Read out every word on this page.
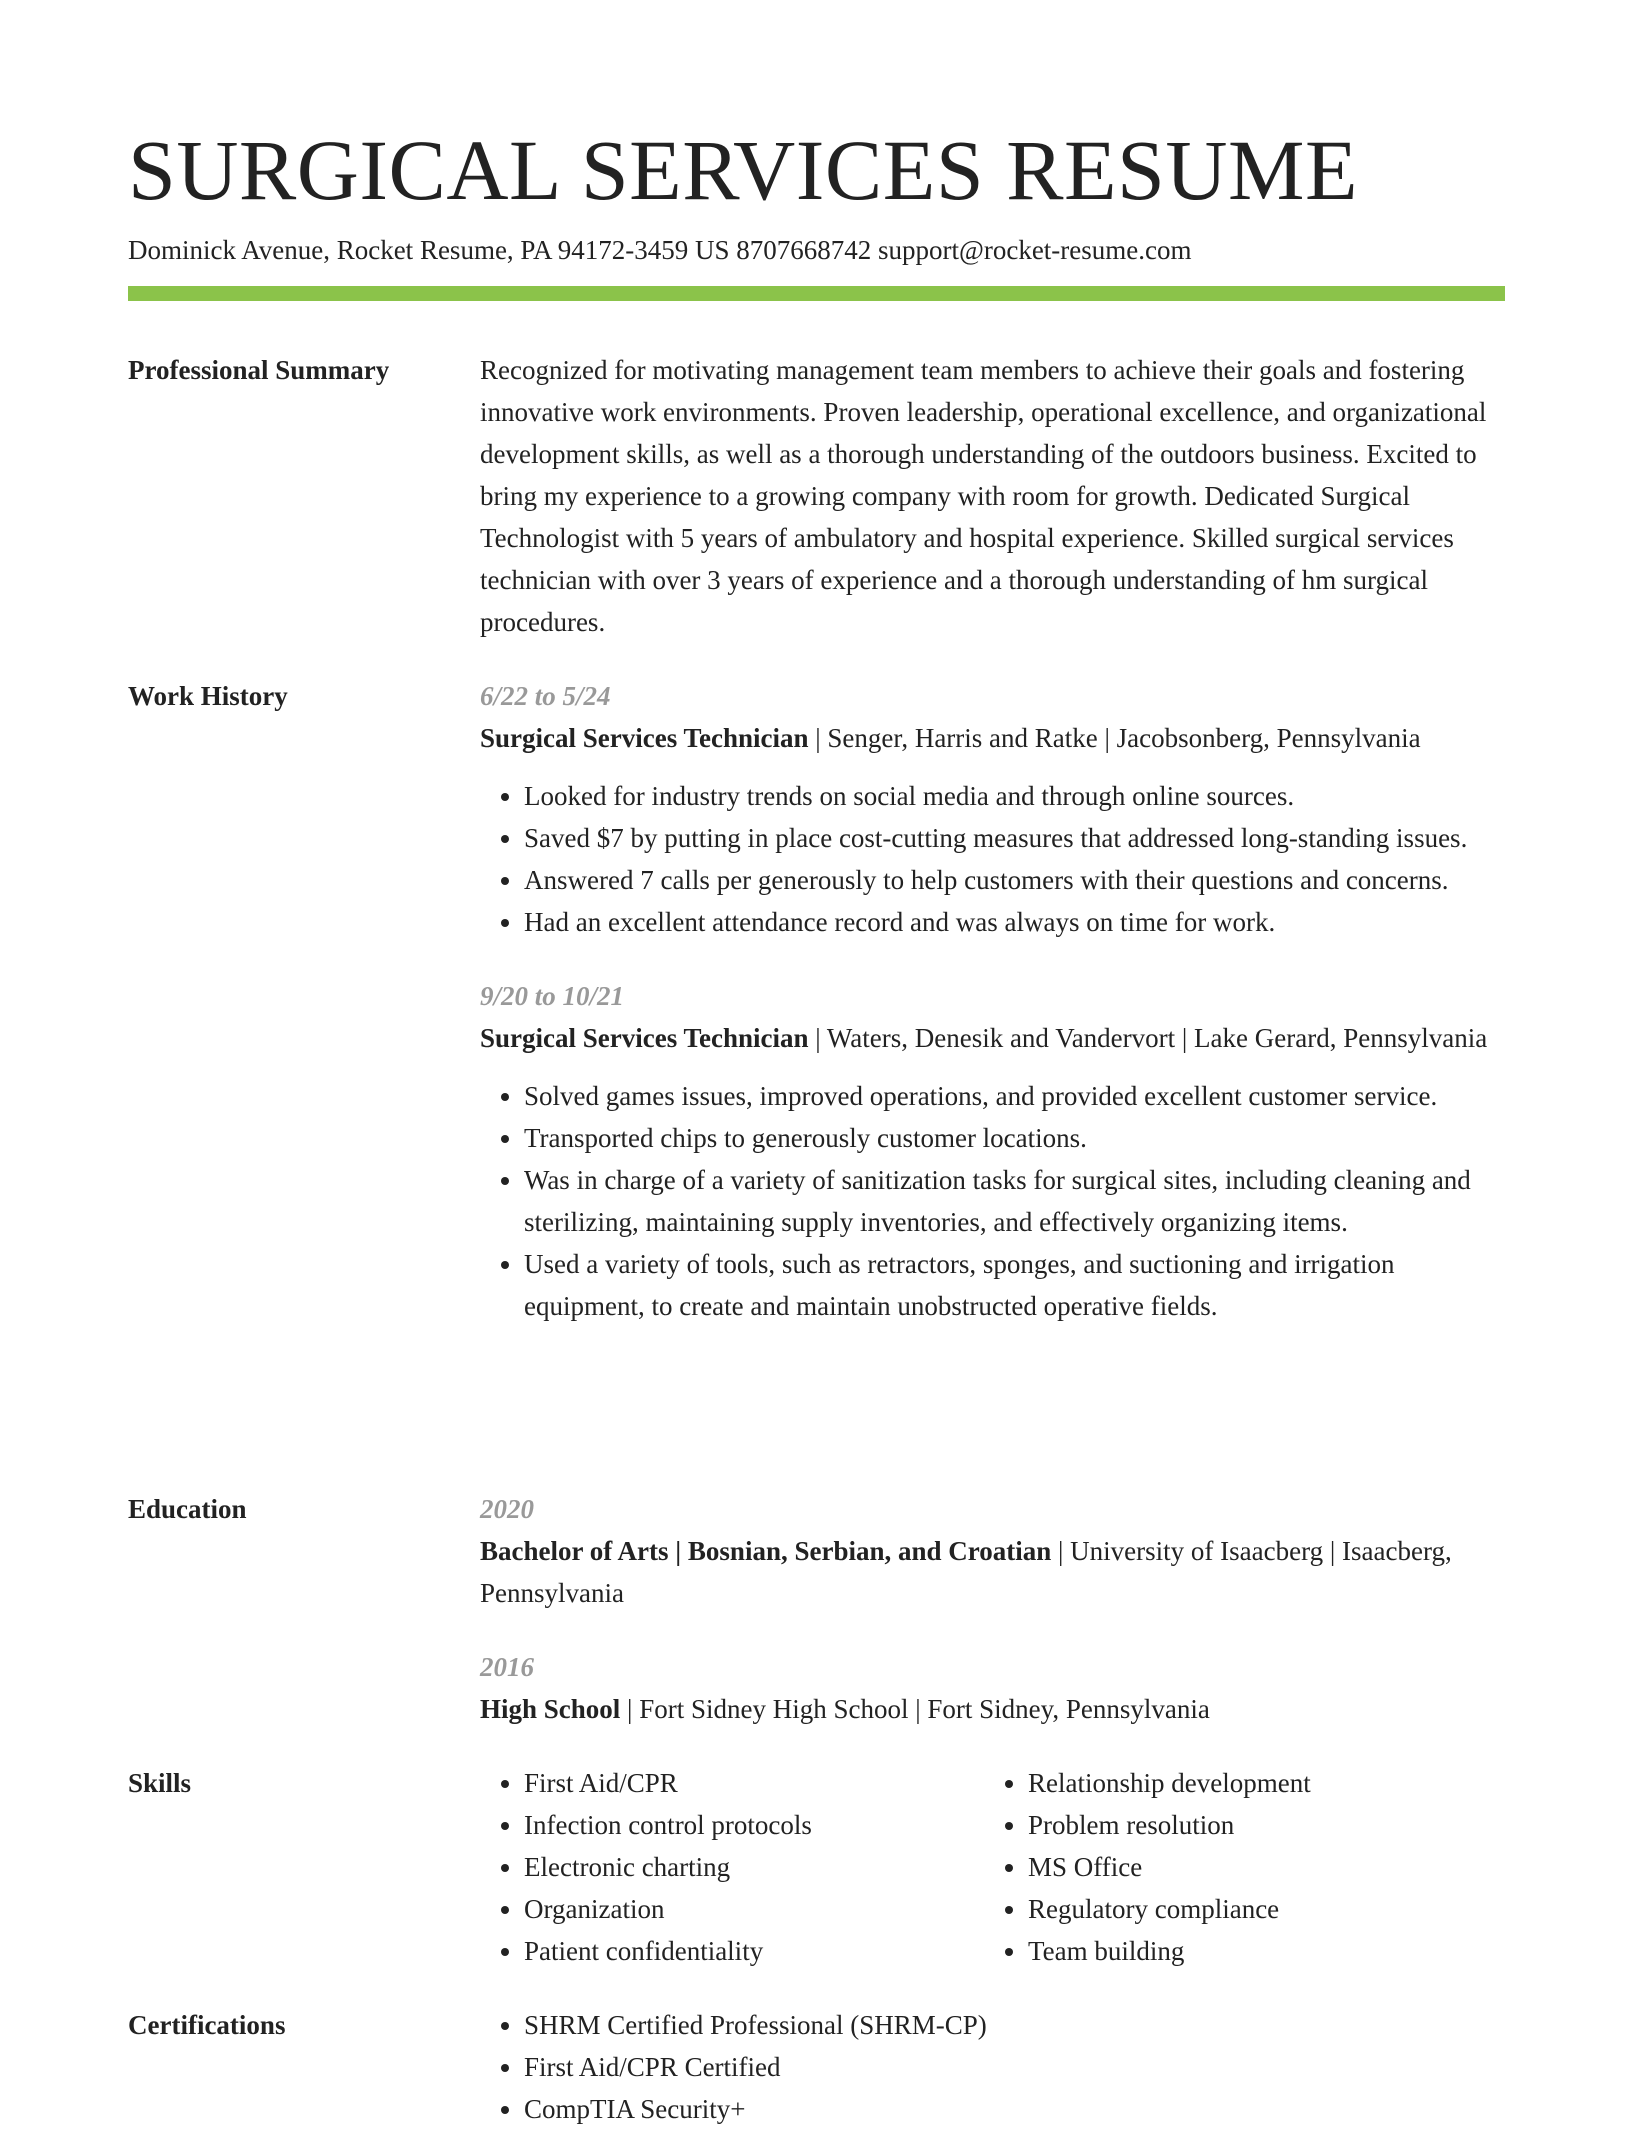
SURGICAL SERVICES RESUME
Dominick Avenue, Rocket Resume, PA 94172-3459 US 8707668742 support@rocket-resume.com
Professional Summary	Recognized for motivating management team members to achieve their goals and fostering innovative work environments. Proven leadership, operational excellence, and organizational development skills, as well as a thorough understanding of the outdoors business. Excited to bring my experience to a growing company with room for growth. Dedicated Surgical Technologist with 5 years of ambulatory and hospital experience. Skilled surgical services technician with over 3 years of experience and a thorough understanding of hm surgical procedures.

Work History	6/22 to 5/24

Surgical Services Technician | Senger, Harris and Ratke | Jacobsonberg, Pennsylvania

• Looked for industry trends on social media and through online sources.
• Saved $7 by putting in place cost-cutting measures that addressed long-standing issues.
• Answered 7 calls per generously to help customers with their questions and concerns.
• Had an excellent attendance record and was always on time for work.
9/20 to 10/21

Surgical Services Technician | Waters, Denesik and Vandervort | Lake Gerard, Pennsylvania

• Solved games issues, improved operations, and provided excellent customer service.
• Transported chips to generously customer locations.
• Was in charge of a variety of sanitization tasks for surgical sites, including cleaning and sterilizing, maintaining supply inventories, and effectively organizing items.
• Used a variety of tools, such as retractors, sponges, and suctioning and irrigation equipment, to create and maintain unobstructed operative fields.
Education	2020

Bachelor of Arts | Bosnian, Serbian, and Croatian | University of Isaacberg | Isaacberg, Pennsylvania

2016

High School | Fort Sidney High School | Fort Sidney, Pennsylvania

Skills	• First Aid/CPR
• Infection control protocols
• Electronic charting
• Organization
• Patient confidentiality
• Relationship development
• Problem resolution
• MS Office
• Regulatory compliance
• Team building
Certifications	• SHRM Certified Professional (SHRM-CP)
• First Aid/CPR Certified
• CompTIA Security+
